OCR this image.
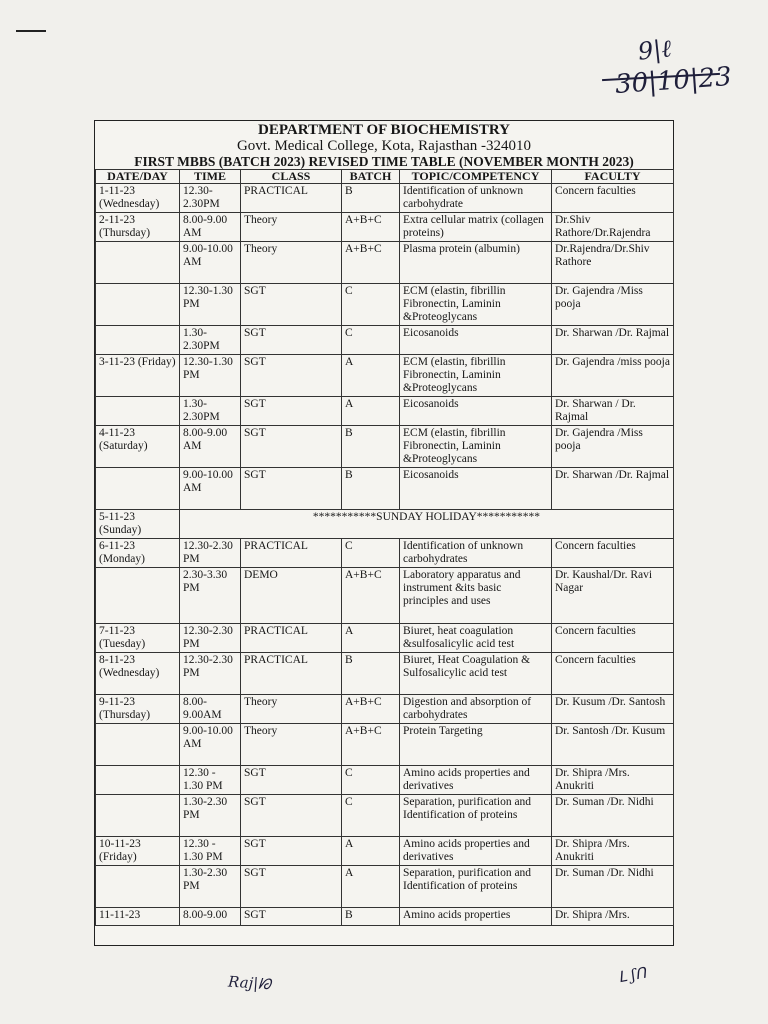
9|ℓ
30|10|23
DEPARTMENT OF BIOCHEMISTRY
Govt. Medical College, Kota, Rajasthan -324010
FIRST MBBS (BATCH 2023) REVISED TIME TABLE (NOVEMBER MONTH 2023)
DATE/DAY	TIME	CLASS	BATCH	TOPIC/COMPETENCY	FACULTY
1-11-23 (Wednesday)	12.30-2.30PM	PRACTICAL	B	Identification of unknown carbohydrate	Concern faculties
2-11-23 (Thursday)	8.00-9.00 AM	Theory	A+B+C	Extra cellular matrix (collagen proteins)	Dr.Shiv Rathore/Dr.Rajendra
	9.00-10.00 AM	Theory	A+B+C	Plasma protein (albumin)	Dr.Rajendra/Dr.Shiv Rathore
	12.30-1.30 PM	SGT	C	ECM (elastin, fibrillin Fibronectin, Laminin &Proteoglycans	Dr. Gajendra /Miss pooja
	1.30-2.30PM	SGT	C	Eicosanoids	Dr. Sharwan /Dr. Rajmal
3-11-23 (Friday)	12.30-1.30 PM	SGT	A	ECM (elastin, fibrillin Fibronectin, Laminin &Proteoglycans	Dr. Gajendra /miss pooja
	1.30-2.30PM	SGT	A	Eicosanoids	Dr. Sharwan / Dr. Rajmal
4-11-23 (Saturday)	8.00-9.00 AM	SGT	B	ECM (elastin, fibrillin Fibronectin, Laminin &Proteoglycans	Dr. Gajendra /Miss pooja
	9.00-10.00 AM	SGT	B	Eicosanoids	Dr. Sharwan /Dr. Rajmal
5-11-23 (Sunday)	***********SUNDAY HOLIDAY***********				
6-11-23 (Monday)	12.30-2.30 PM	PRACTICAL	C	Identification of unknown carbohydrates	Concern faculties
	2.30-3.30 PM	DEMO	A+B+C	Laboratory apparatus and instrument &its basic principles and uses	Dr. Kaushal/Dr. Ravi Nagar
7-11-23 (Tuesday)	12.30-2.30 PM	PRACTICAL	A	Biuret, heat coagulation &sulfosalicylic acid test	Concern faculties
8-11-23 (Wednesday)	12.30-2.30 PM	PRACTICAL	B	Biuret, Heat Coagulation & Sulfosalicylic acid test	Concern faculties
9-11-23 (Thursday)	8.00-9.00AM	Theory	A+B+C	Digestion and absorption of carbohydrates	Dr. Kusum /Dr. Santosh
	9.00-10.00 AM	Theory	A+B+C	Protein Targeting	Dr. Santosh /Dr. Kusum
	12.30 - 1.30 PM	SGT	C	Amino acids properties and derivatives	Dr. Shipra /Mrs. Anukriti
	1.30-2.30 PM	SGT	C	Separation, purification and Identification of proteins	Dr. Suman /Dr. Nidhi
10-11-23 (Friday)	12.30 - 1.30 PM	SGT	A	Amino acids properties and derivatives	Dr. Shipra /Mrs. Anukriti
	1.30-2.30 PM	SGT	A	Separation, purification and Identification of proteins	Dr. Suman /Dr. Nidhi
11-11-23	8.00-9.00	SGT	B	Amino acids properties	Dr. Shipra /Mrs.
Raj|ᘗ	ᒪ ʃᑎ
